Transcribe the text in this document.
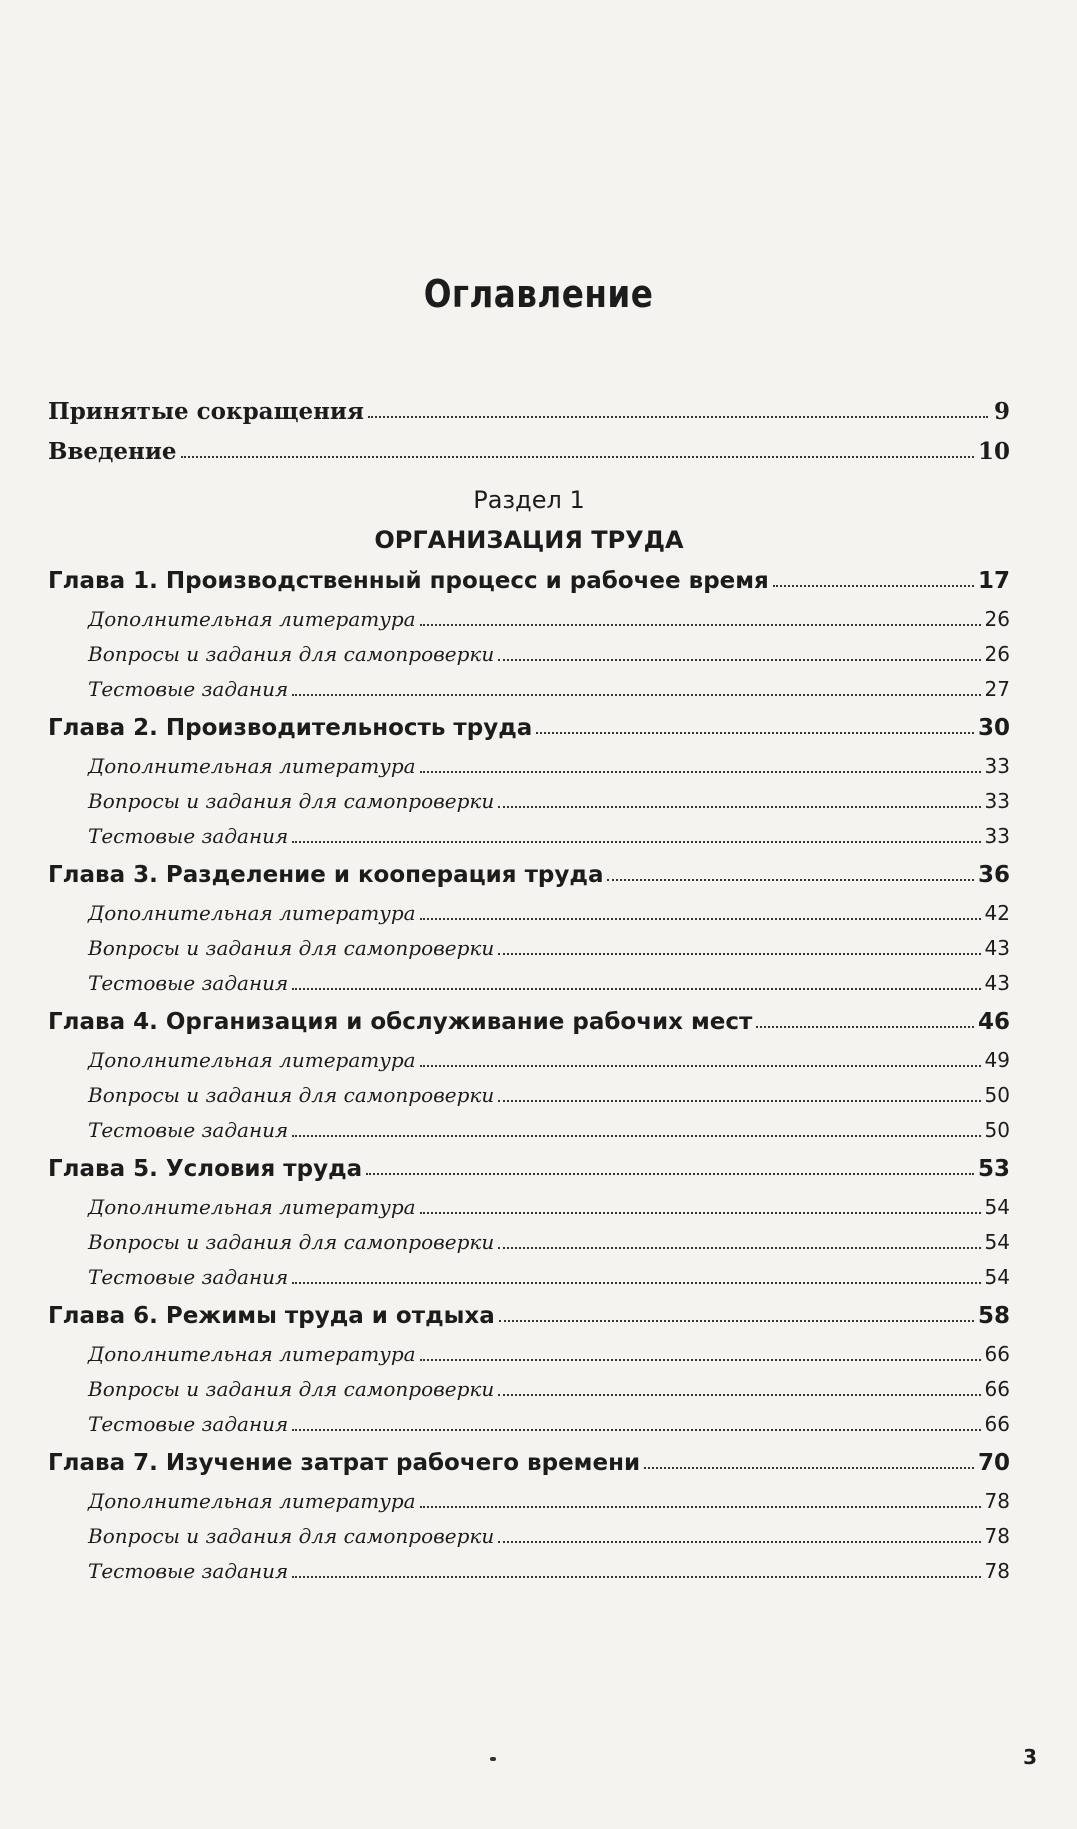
Оглавление
Принятые сокращения	9
Введение	10
Раздел 1
ОРГАНИЗАЦИЯ ТРУДА
Глава 1. Производственный процесс и рабочее время	17
Дополнительная литература	26
Вопросы и задания для самопроверки	26
Тестовые задания	27
Глава 2. Производительность труда	30
Дополнительная литература	33
Вопросы и задания для самопроверки	33
Тестовые задания	33
Глава 3. Разделение и кооперация труда	36
Дополнительная литература	42
Вопросы и задания для самопроверки	43
Тестовые задания	43
Глава 4. Организация и обслуживание рабочих мест	46
Дополнительная литература	49
Вопросы и задания для самопроверки	50
Тестовые задания	50
Глава 5. Условия труда	53
Дополнительная литература	54
Вопросы и задания для самопроверки	54
Тестовые задания	54
Глава 6. Режимы труда и отдыха	58
Дополнительная литература	66
Вопросы и задания для самопроверки	66
Тестовые задания	66
Глава 7. Изучение затрат рабочего времени	70
Дополнительная литература	78
Вопросы и задания для самопроверки	78
Тестовые задания	78
3
